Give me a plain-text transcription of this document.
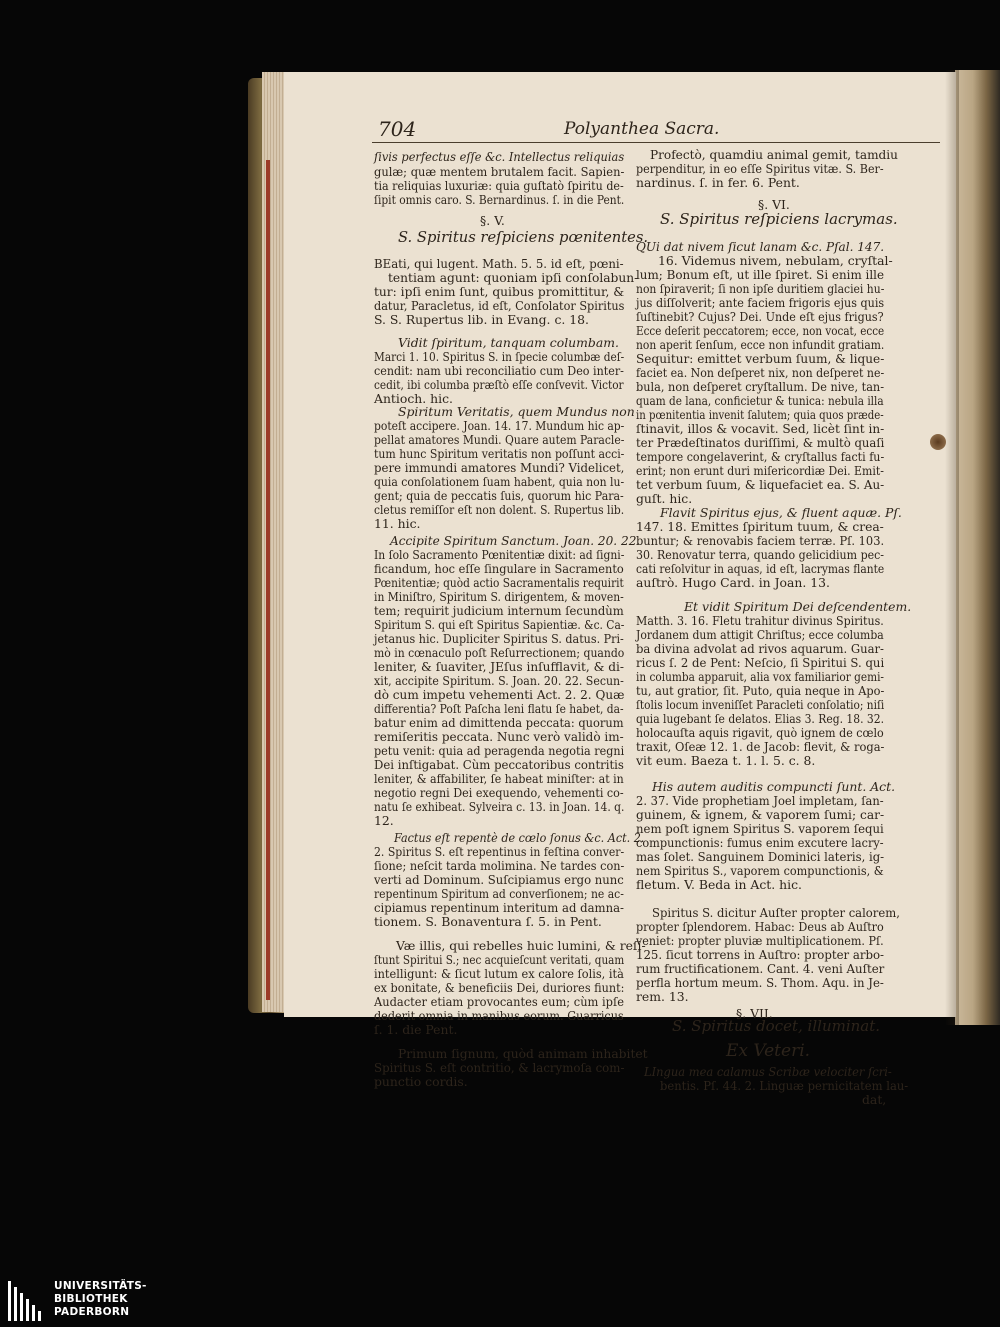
704	Polyanthea Sacra.
ſivis perfectus eſſe &c. Intellectus reliquias
gulæ; quæ mentem brutalem facit. Sapien-
tia reliquias luxuriæ: quia guſtatò ſpiritu de-
ſipit omnis caro. S. Bernardinus. ſ. in die Pent.
§. V.
S. Spiritus reſpiciens pœnitentes.
BEati, qui lugent. Math. 5. 5. id eſt, pœni-
tentiam agunt: quoniam ipſi conſolabun-
tur: ipſi enim ſunt, quibus promittitur, &
datur, Paracletus, id eſt, Conſolator Spiritus
S. S. Rupertus lib. in Evang. c. 18.
Vidit ſpiritum, tanquam columbam.
Marci 1. 10. Spiritus S. in ſpecie columbæ deſ-
cendit: nam ubi reconciliatio cum Deo inter-
cedit, ibi columba præſtò eſſe conſvevit. Victor
Antioch. hic.
Spiritum Veritatis, quem Mundus non
poteſt accipere. Joan. 14. 17. Mundum hic ap-
pellat amatores Mundi. Quare autem Paracle-
tum hunc Spiritum veritatis non poſſunt acci-
pere immundi amatores Mundi? Videlicet,
quia conſolationem ſuam habent, quia non lu-
gent; quia de peccatis ſuis, quorum hic Para-
cletus remiſſor eſt non dolent. S. Rupertus lib.
11. hic.
Accipite Spiritum Sanctum. Joan. 20. 22.
In ſolo Sacramento Pœnitentiæ dixit: ad ſigni-
ficandum, hoc eſſe ſingulare in Sacramento
Pœnitentiæ; quòd actio Sacramentalis requirit
in Miniſtro, Spiritum S. dirigentem, & moven-
tem; requirit judicium internum ſecundùm
Spiritum S. qui eſt Spiritus Sapientiæ. &c. Ca-
jetanus hic. Dupliciter Spiritus S. datus. Pri-
mò in cœnaculo poſt Reſurrectionem; quando
leniter, & ſuaviter, JEſus inſufflavit, & di-
xit, accipite Spiritum. S. Joan. 20. 22. Secun-
dò cum impetu vehementi Act. 2. 2. Quæ
differentia? Poſt Paſcha leni flatu ſe habet, da-
batur enim ad dimittenda peccata: quorum
remiſeritis peccata. Nunc verò validò im-
petu venit: quia ad peragenda negotia regni
Dei inſtigabat. Cùm peccatoribus contritis
leniter, & affabiliter, ſe habeat miniſter: at in
negotio regni Dei exequendo, vehementi co-
natu ſe exhibeat. Sylveira c. 13. in Joan. 14. q.
12.
Factus eſt repentè de cœlo ſonus &c. Act. 2.
2. Spiritus S. eſt repentinus in feſtina conver-
ſione; neſcit tarda molimina. Ne tardes con-
verti ad Dominum. Suſcipiamus ergo nunc
repentinum Spiritum ad converſionem; ne ac-
cipiamus repentinum interitum ad damna-
tionem. S. Bonaventura ſ. 5. in Pent.
Væ illis, qui rebelles huic lumini, & reſi-
ſtunt Spiritui S.; nec acquieſcunt veritati, quam
intelligunt: & ſicut lutum ex calore ſolis, ità
ex bonitate, & beneficiis Dei, duriores fiunt:
Audacter etiam provocantes eum; cùm ipſe
dederit omnia in manibus eorum. Guarricus
ſ. 1. die Pent.
Primum ſignum, quòd animam inhabitet
Spiritus S. eſt contritio, & lacrymoſa com-
punctio cordis.
Profectò, quamdiu animal gemit, tamdiu
perpenditur, in eo eſſe Spiritus vitæ. S. Ber-
nardinus. ſ. in fer. 6. Pent.
§. VI.
S. Spiritus reſpiciens lacrymas.
QUi dat nivem ſicut lanam &c. Pſal. 147.
16. Videmus nivem, nebulam, cryſtal-
lum; Bonum eſt, ut ille ſpiret. Si enim ille
non ſpiraverit; ſi non ipſe duritiem glaciei hu-
jus diſſolverit; ante faciem frigoris ejus quis
ſuſtinebit? Cujus? Dei. Unde eſt ejus frigus?
Ecce deſerit peccatorem; ecce, non vocat, ecce
non aperit ſenſum, ecce non infundit gratiam.
Sequitur: emittet verbum ſuum, & lique-
faciet ea. Non deſperet nix, non deſperet ne-
bula, non deſperet cryſtallum. De nive, tan-
quam de lana, conficietur & tunica: nebula illa
in pœnitentia invenit ſalutem; quia quos præde-
ſtinavit, illos & vocavit. Sed, licèt ſint in-
ter Prædeſtinatos duriſſimi, & multò quaſi
tempore congelaverint, & cryſtallus facti fu-
erint; non erunt duri miſericordiæ Dei. Emit-
tet verbum ſuum, & liquefaciet ea. S. Au-
guſt. hic.
Flavit Spiritus ejus, & fluent aquæ. Pſ.
147. 18. Emittes ſpiritum tuum, & crea-
buntur; & renovabis faciem terræ. Pſ. 103.
30. Renovatur terra, quando gelicidium pec-
cati reſolvitur in aquas, id eſt, lacrymas flante
auſtrò. Hugo Card. in Joan. 13.
Et vidit Spiritum Dei deſcendentem.
Matth. 3. 16. Fletu trahitur divinus Spiritus.
Jordanem dum attigit Chriſtus; ecce columba
ba divina advolat ad rivos aquarum. Guar-
ricus ſ. 2 de Pent: Neſcio, ſi Spiritui S. qui
in columba apparuit, alia vox familiarior gemi-
tu, aut gratior, ſit. Puto, quia neque in Apo-
ſtolis locum inveniſſet Paracleti conſolatio; niſi
quia lugebant ſe delatos. Elias 3. Reg. 18. 32.
holocauſta aquis rigavit, quò ignem de cœlo
traxit, Oſeæ 12. 1. de Jacob: flevit, & roga-
vit eum. Baeza t. 1. l. 5. c. 8.
His autem auditis compuncti ſunt. Act.
2. 37. Vide prophetiam Joel impletam, ſan-
guinem, & ignem, & vaporem ſumi; car-
nem poſt ignem Spiritus S. vaporem ſequi
compunctionis: fumus enim excutere lacry-
mas ſolet. Sanguinem Dominici lateris, ig-
nem Spiritus S., vaporem compunctionis, &
fletum. V. Beda in Act. hic.
Spiritus S. dicitur Auſter propter calorem,
propter ſplendorem. Habac: Deus ab Auſtro
veniet: propter pluviæ multiplicationem. Pſ.
125. ſicut torrens in Auſtro: propter arbo-
rum fructificationem. Cant. 4. veni Auſter
perfla hortum meum. S. Thom. Aqu. in Je-
rem. 13.
§. VII.
S. Spiritus docet, illuminat.
Ex Veteri.
LIngua mea calamus Scribæ velociter ſcri-
bentis. Pſ. 44. 2. Linguæ pernicitatem lau-
dat,
UNIVERSITÄTS-
BIBLIOTHEK
PADERBORN
